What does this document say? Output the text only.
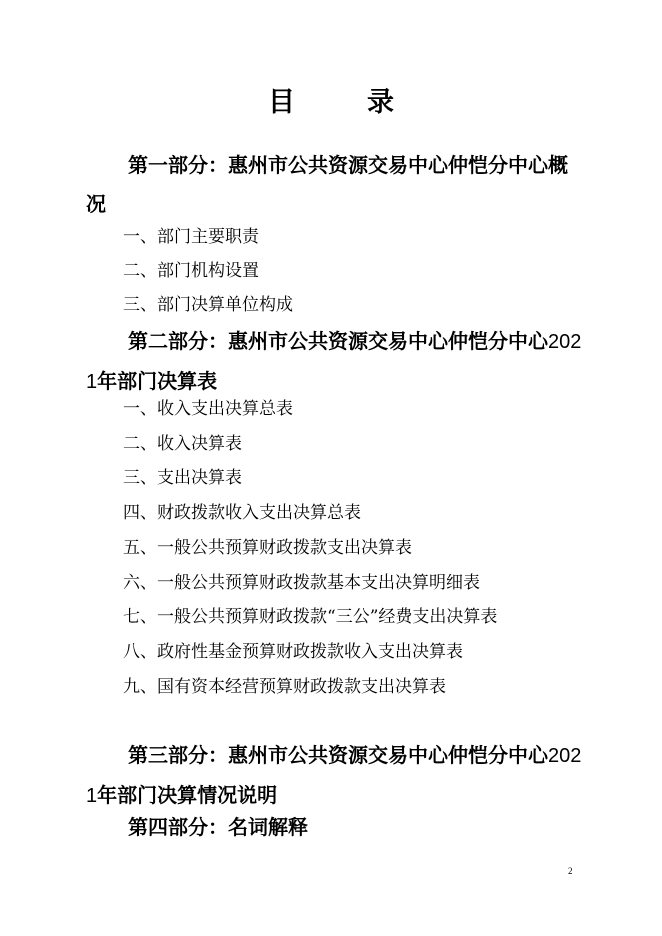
目	录
第一部分：惠州市公共资源交易中心仲恺分中心概况
一、部门主要职责
二、部门机构设置
三、部门决算单位构成
第二部分：惠州市公共资源交易中心仲恺分中心2021年部门决算表
一、收入支出决算总表
二、收入决算表
三、支出决算表
四、财政拨款收入支出决算总表
五、一般公共预算财政拨款支出决算表
六、一般公共预算财政拨款基本支出决算明细表
七、一般公共预算财政拨款“三公”经费支出决算表
八、政府性基金预算财政拨款收入支出决算表
九、国有资本经营预算财政拨款支出决算表
第三部分：惠州市公共资源交易中心仲恺分中心2021年部门决算情况说明
第四部分：名词解释
2
